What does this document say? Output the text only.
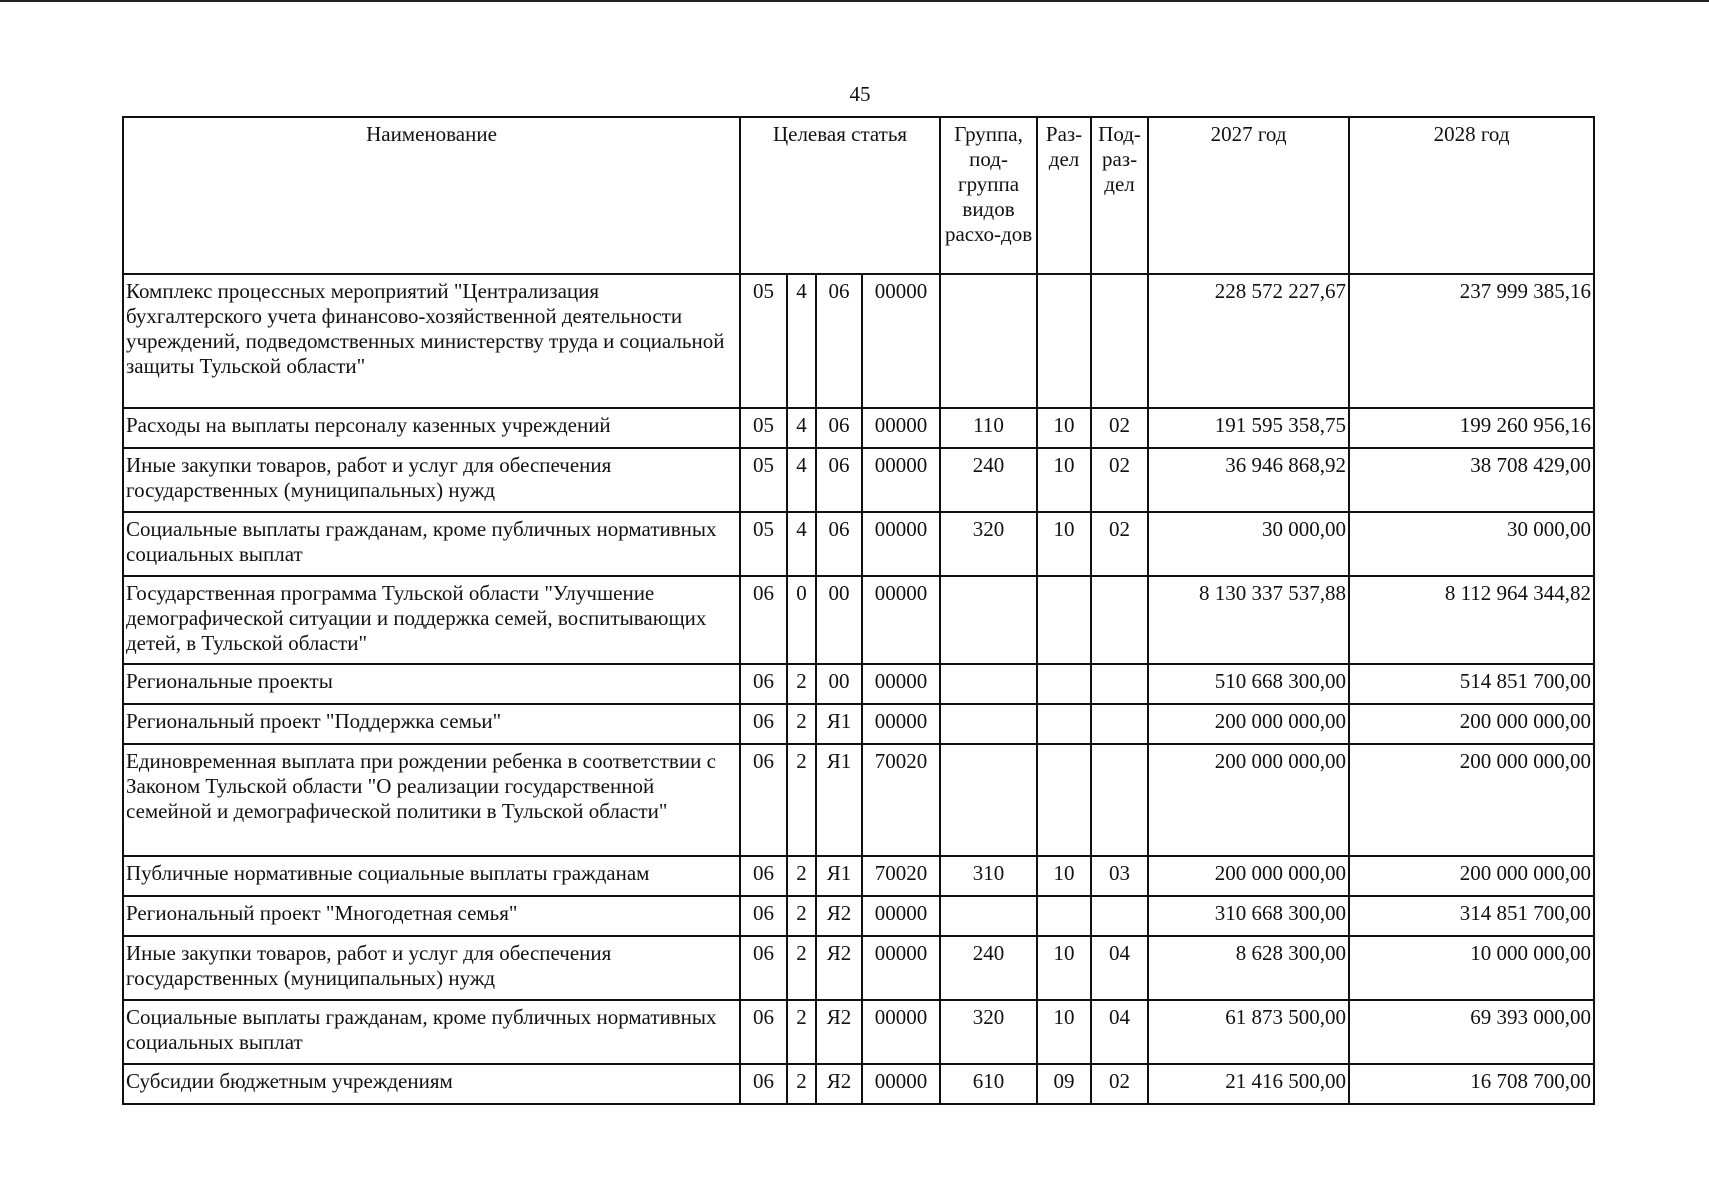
45
Наименование	Целевая статья				Группа, под-группа видов расхо-дов	Раз-дел	Под-раз-дел	2027 год	2028 год
Комплекс процессных мероприятий "Централизация бухгалтерского учета финансово-хозяйственной деятельности учреждений, подведомственных министерству труда и социальной защиты Тульской области"	05	4	06	00000				228 572 227,67	237 999 385,16
Расходы на выплаты персоналу казенных учреждений	05	4	06	00000	110	10	02	191 595 358,75	199 260 956,16
Иные закупки товаров, работ и услуг для обеспечения государственных (муниципальных) нужд	05	4	06	00000	240	10	02	36 946 868,92	38 708 429,00
Социальные выплаты гражданам, кроме публичных нормативных социальных выплат	05	4	06	00000	320	10	02	30 000,00	30 000,00
Государственная программа Тульской области "Улучшение демографической ситуации и поддержка семей, воспитывающих детей, в Тульской области"	06	0	00	00000				8 130 337 537,88	8 112 964 344,82
Региональные проекты	06	2	00	00000				510 668 300,00	514 851 700,00
Региональный проект "Поддержка семьи"	06	2	Я1	00000				200 000 000,00	200 000 000,00
Единовременная выплата при рождении ребенка в соответствии с Законом Тульской области "О реализации государственной семейной и демографической политики в Тульской области"	06	2	Я1	70020				200 000 000,00	200 000 000,00
Публичные нормативные социальные выплаты гражданам	06	2	Я1	70020	310	10	03	200 000 000,00	200 000 000,00
Региональный проект "Многодетная семья"	06	2	Я2	00000				310 668 300,00	314 851 700,00
Иные закупки товаров, работ и услуг для обеспечения государственных (муниципальных) нужд	06	2	Я2	00000	240	10	04	8 628 300,00	10 000 000,00
Социальные выплаты гражданам, кроме публичных нормативных социальных выплат	06	2	Я2	00000	320	10	04	61 873 500,00	69 393 000,00
Субсидии бюджетным учреждениям	06	2	Я2	00000	610	09	02	21 416 500,00	16 708 700,00
